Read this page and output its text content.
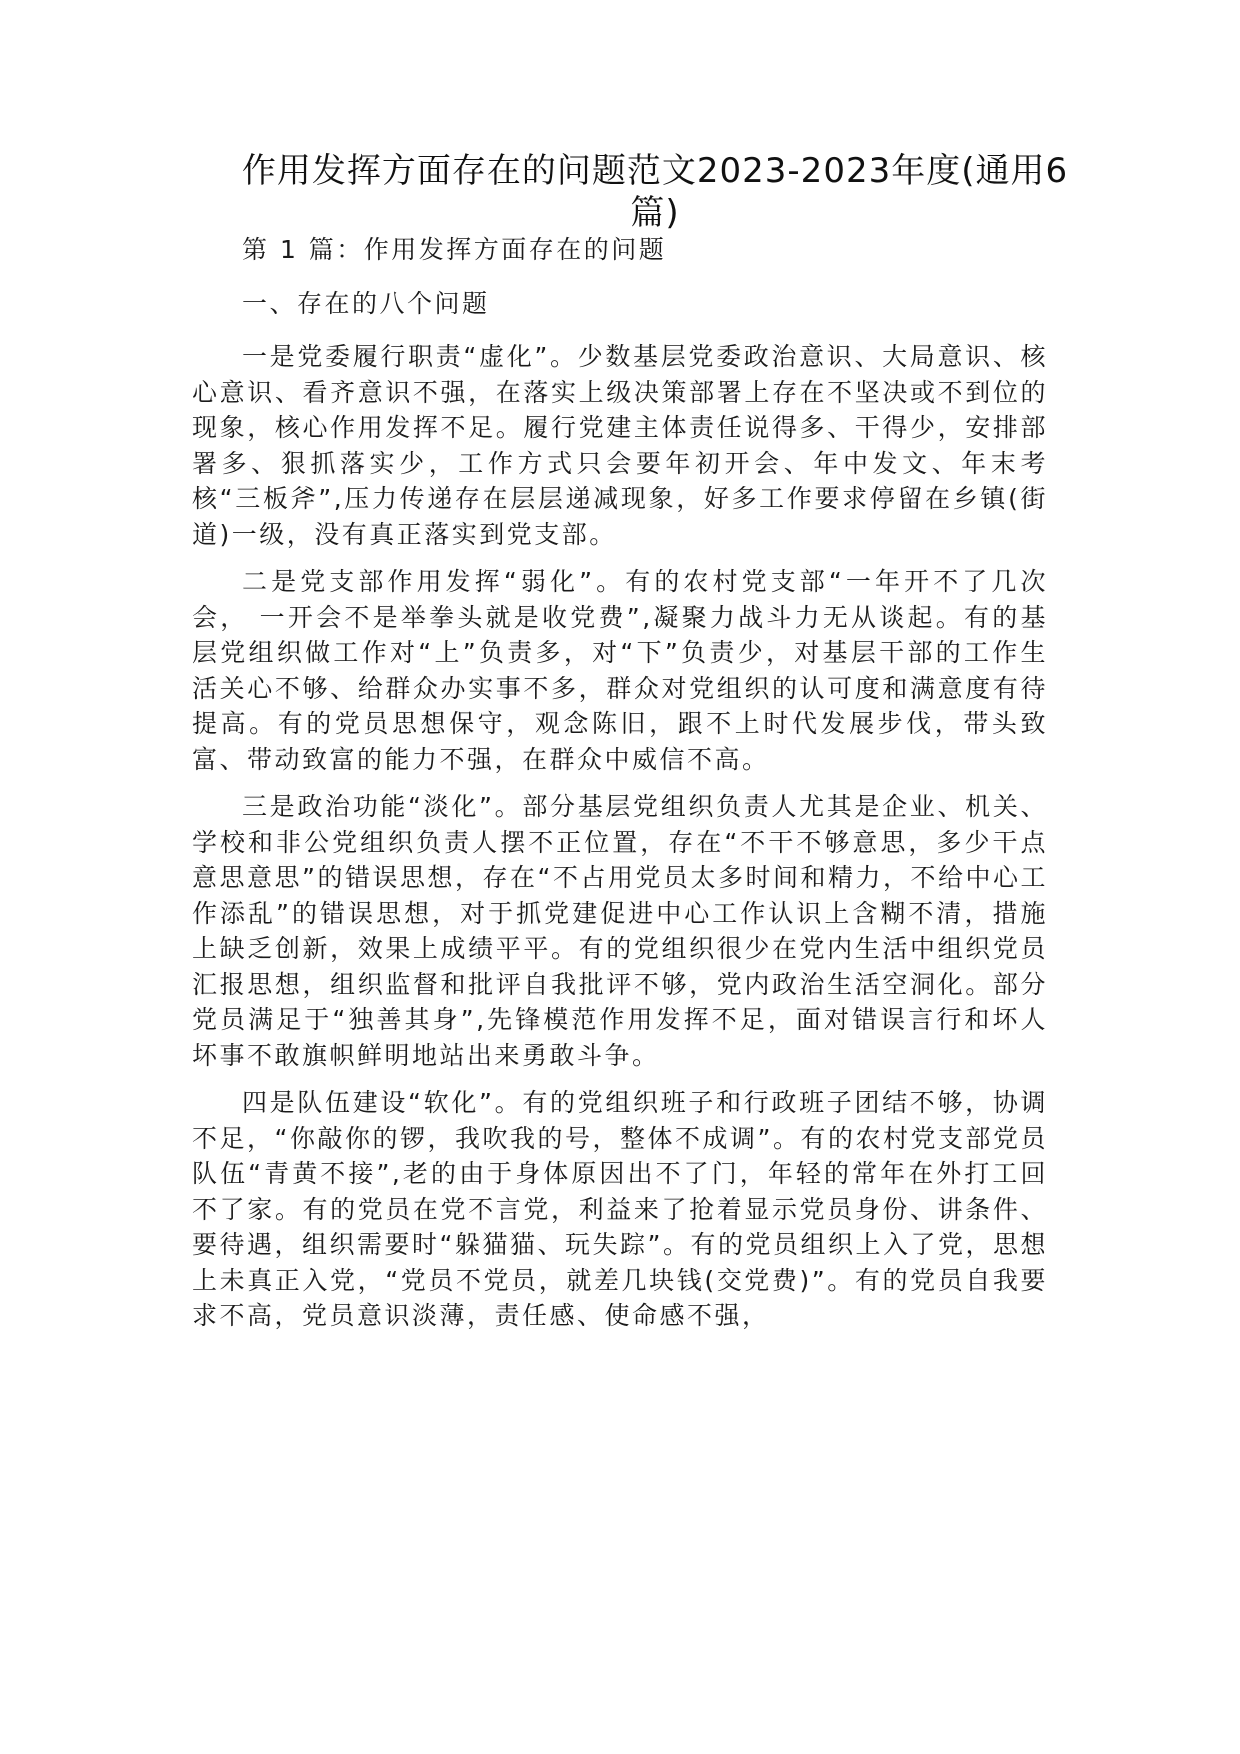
作用发挥方面存在的问题范文2023-2023年度(通用6 篇)

第 1 篇：作用发挥方面存在的问题

一、存在的八个问题

一是党委履行职责“虚化”。少数基层党委政治意识、大局意识、核心意识、看齐意识不强，在落实上级决策部署上存在不坚决或不到位的现象，核心作用发挥不足。履行党建主体责任说得多、干得少，安排部署多、狠抓落实少，工作方式只会要年初开会、年中发文、年末考核“三板斧”,压力传递存在层层递减现象，好多工作要求停留在乡镇(街道)一级，没有真正落实到党支部。

二是党支部作用发挥“弱化”。有的农村党支部“一年开不了几次会， 一开会不是举拳头就是收党费”,凝聚力战斗力无从谈起。有的基层党组织做工作对“上”负责多，对“下”负责少，对基层干部的工作生活关心不够、给群众办实事不多，群众对党组织的认可度和满意度有待提高。有的党员思想保守，观念陈旧，跟不上时代发展步伐，带头致富、带动致富的能力不强，在群众中威信不高。

三是政治功能“淡化”。部分基层党组织负责人尤其是企业、机关、学校和非公党组织负责人摆不正位置，存在“不干不够意思，多少干点意思意思”的错误思想，存在“不占用党员太多时间和精力，不给中心工作添乱”的错误思想，对于抓党建促进中心工作认识上含糊不清，措施上缺乏创新，效果上成绩平平。有的党组织很少在党内生活中组织党员汇报思想，组织监督和批评自我批评不够，党内政治生活空洞化。部分党员满足于“独善其身”,先锋模范作用发挥不足，面对错误言行和坏人坏事不敢旗帜鲜明地站出来勇敢斗争。

四是队伍建设“软化”。有的党组织班子和行政班子团结不够，协调不足，“你敲你的锣，我吹我的号，整体不成调”。有的农村党支部党员队伍“青黄不接”,老的由于身体原因出不了门，年轻的常年在外打工回不了家。有的党员在党不言党，利益来了抢着显示党员身份、讲条件、要待遇，组织需要时“躲猫猫、玩失踪”。有的党员组织上入了党，思想上未真正入党，“党员不党员，就差几块钱(交党费)”。有的党员自我要求不高，党员意识淡薄，责任感、使命感不强，
